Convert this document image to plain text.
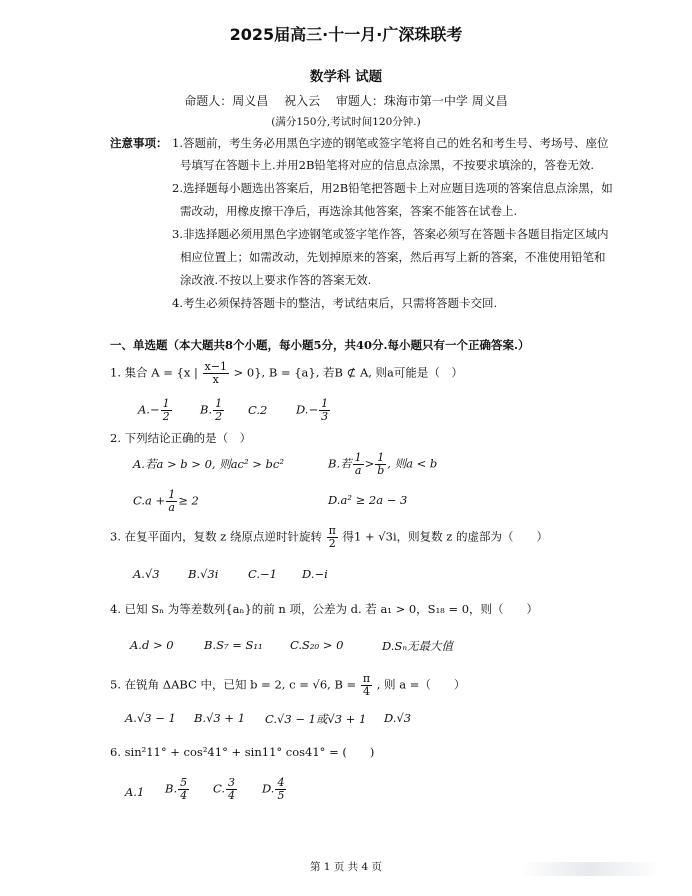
2025届高三·十一月·广深珠联考
数学科 试题
命题人：周义昌 祝入云 审题人：珠海市第一中学 周义昌
(满分150分,考试时间120分钟.)
注意事项： 1.答题前，考生务必用黑色字迹的钢笔或签字笔将自己的姓名和考生号、考场号、座位
号填写在答题卡上.并用2B铅笔将对应的信息点涂黑，不按要求填涂的，答卷无效.
2.选择题每小题选出答案后，用2B铅笔把答题卡上对应题目选项的答案信息点涂黑，如
需改动，用橡皮擦干净后，再选涂其他答案，答案不能答在试卷上.
3.非选择题必须用黑色字迹钢笔或签字笔作答，答案必须写在答题卡各题目指定区域内
相应位置上；如需改动，先划掉原来的答案，然后再写上新的答案，不准使用铅笔和
涂改液.不按以上要求作答的答案无效.
4.考生必须保持答题卡的整洁，考试结束后，只需将答题卡交回.
一、单选题（本大题共8个小题，每小题5分，共40分.每小题只有一个正确答案.）
1. 集合 A = {x | $\frac{x-1}{x} > 0$}, B = {a}, 若B ⊄ A, 则a可能是（　）
$A.- \frac{1}{2} B$. $\frac{1}{2} C.2$ $D.- \frac{1}{3}$
2. 下列结论正确的是（　）
A.若a > b > 0, 则ac² > bc²	B.若 $\frac{1}{a} > \frac{1}{b}$ , 则a < b
$C.a + \frac{1}{a} \ge 2$	D.a² ≥ 2a − 3
3. 在复平面内，复数 z 绕原点逆时针旋转 $\frac{\pi}{2}$ 得1 + √3i，则复数 z 的虚部为（　　）
A.√3 B.√3i	C.−1 D.−i
4. 已知 Sₙ 为等差数列{aₙ}的前 n 项，公差为 d. 若 a₁ > 0，S₁₈ = 0，则（　　）
A.d > 0	B.S₇ = S₁₁ C.S₂₀ > 0	D.Sₙ无最大值
5. 在锐角 ΔABC 中，已知 b = 2, c = √6, $B = \frac{\pi}{4}$ , 则 a =（　　）
A.√3 − 1 B.√3 + 1 C.√3 − 1或√3 + 1 D.√3
6. sin²11° + cos²41° + sin11° cos41° = (　　)
A.1 B. $\frac{5}{4} C$. $\frac{3}{4} D$. $\frac{4}{5}$
第 1 页 共 4 页
